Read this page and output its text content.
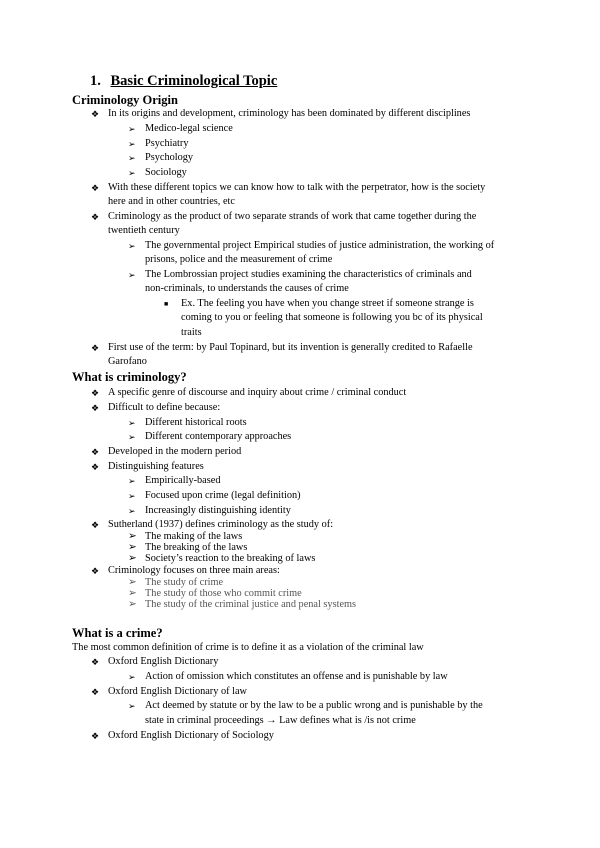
1. Basic Criminological Topic
Criminology Origin
❖ In its origins and development, criminology has been dominated by different disciplines
➢ Medico-legal science
➢ Psychiatry
➢ Psychology
➢ Sociology
❖ With these different topics we can know how to talk with the perpetrator, how is the society
here and in other countries, etc
❖ Criminology as the product of two separate strands of work that came together during the
twentieth century
➢ The governmental project Empirical studies of justice administration, the working of
prisons, police and the measurement of crime
➢ The Lombrossian project studies examining the characteristics of criminals and
non-criminals, to understands the causes of crime
■ Ex. The feeling you have when you change street if someone strange is
coming to you or feeling that someone is following you bc of its physical
traits
❖ First use of the term: by Paul Topinard, but its invention is generally credited to Rafaelle
Garofano
What is criminology?
❖ A specific genre of discourse and inquiry about crime / criminal conduct
❖ Difficult to define because:
➢ Different historical roots
➢ Different contemporary approaches
❖ Developed in the modern period
❖ Distinguishing features
➢ Empirically-based
➢ Focused upon crime (legal definition)
➢ Increasingly distinguishing identity
❖ Sutherland (1937) defines criminology as the study of:
➢ The making of the laws
➢ The breaking of the laws
➢ Society’s reaction to the breaking of laws
❖ Criminology focuses on three main areas:
➢ The study of crime
➢ The study of those who commit crime
➢ The study of the criminal justice and penal systems
What is a crime?
The most common definition of crime is to define it as a violation of the criminal law
❖ Oxford English Dictionary
➢ Action of omission which constitutes an offense and is punishable by law
❖ Oxford English Dictionary of law
➢ Act deemed by statute or by the law to be a public wrong and is punishable by the
state in criminal proceedings → Law defines what is /is not crime
❖ Oxford English Dictionary of Sociology
